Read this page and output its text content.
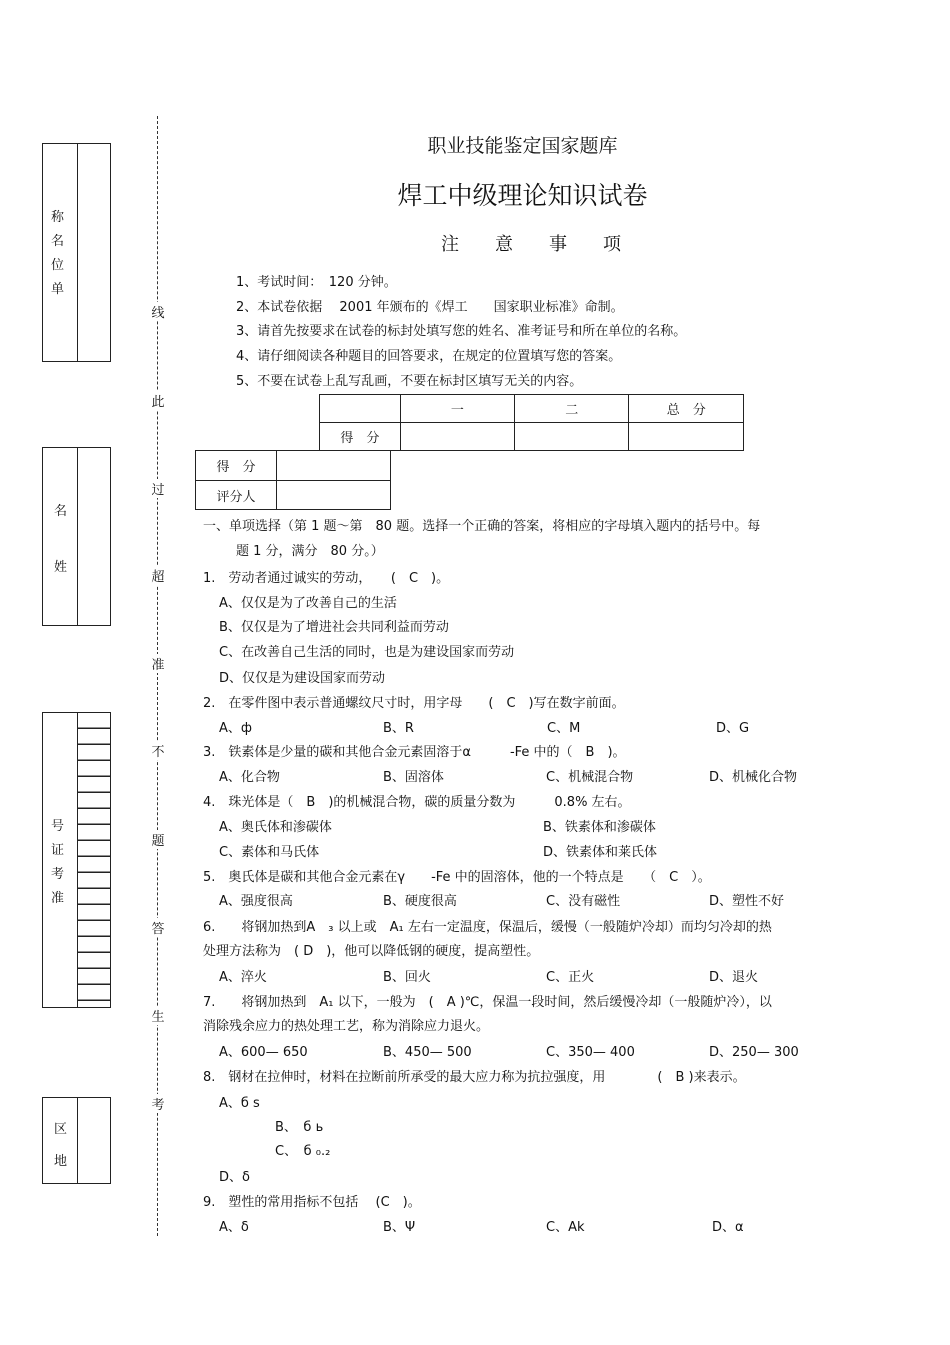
称
名
位
单
名
姓
号
证
考
准
区
地
线
此
过
超
准
不
题
答
生
考
职业技能鉴定国家题库
焊工中级理论知识试卷
注　　意　　事　　项
1、考试时间：　120 分钟。
2、本试卷依据　 2001 年颁布的《焊工　　国家职业标准》命制。
3、请首先按要求在试卷的标封处填写您的姓名、准考证号和所在单位的名称。
4、请仔细阅读各种题目的回答要求，在规定的位置填写您的答案。
5、不要在试卷上乱写乱画，不要在标封区填写无关的内容。
	一	二	总　分
得　分			
得　分	
评分人	
一、单项选择（第 1 题～第　80 题。选择一个正确的答案，将相应的字母填入题内的括号中。每
题 1 分，满分　80 分。）
1.　劳动者通过诚实的劳动，　　(　C　)。
A、仅仅是为了改善自己的生活
B、仅仅是为了增进社会共同利益而劳动
C、在改善自己生活的同时，也是为建设国家而劳动
D、仅仅是为建设国家而劳动
2.　在零件图中表示普通螺纹尺寸时，用字母　　(　C　)写在数字前面。
A、ф	B、R	C、M	D、G
3.　铁素体是少量的碳和其他合金元素固溶于α　　　-Fe 中的（　B　)。
A、化合物	B、固溶体	C、机械混合物	D、机械化合物
4.　珠光体是（　B　)的机械混合物，碳的质量分数为　　　0.8% 左右。
A、奥氏体和渗碳体	B、铁素体和渗碳体
C、素体和马氏体	D、铁素体和莱氏体
5.　奥氏体是碳和其他合金元素在γ　　-Fe 中的固溶体，他的一个特点是　　（　C　）。
A、强度很高	B、硬度很高	C、没有磁性	D、塑性不好
6.　　将钢加热到A　₃ 以上或　A₁ 左右一定温度，保温后，缓慢（一般随炉冷却）而均匀冷却的热
处理方法称为　( D　)，他可以降低钢的硬度，提高塑性。
A、淬火	B、回火	C、正火	D、退火
7.　　将钢加热到　A₁ 以下，一般为　(　A )℃，保温一段时间，然后缓慢冷却（一般随炉冷），以
消除残余应力的热处理工艺，称为消除应力退火。
A、600— 650	B、450— 500	C、350— 400	D、250— 300
8.　钢材在拉伸时，材料在拉断前所承受的最大应力称为抗拉强度，用　　　　(　B )来表示。
A、б s
B、　б ь
C、　б ₀.₂
D、δ
9.　塑性的常用指标不包括　 (C　)。
A、δ	B、Ψ	C、Ak	D、α
